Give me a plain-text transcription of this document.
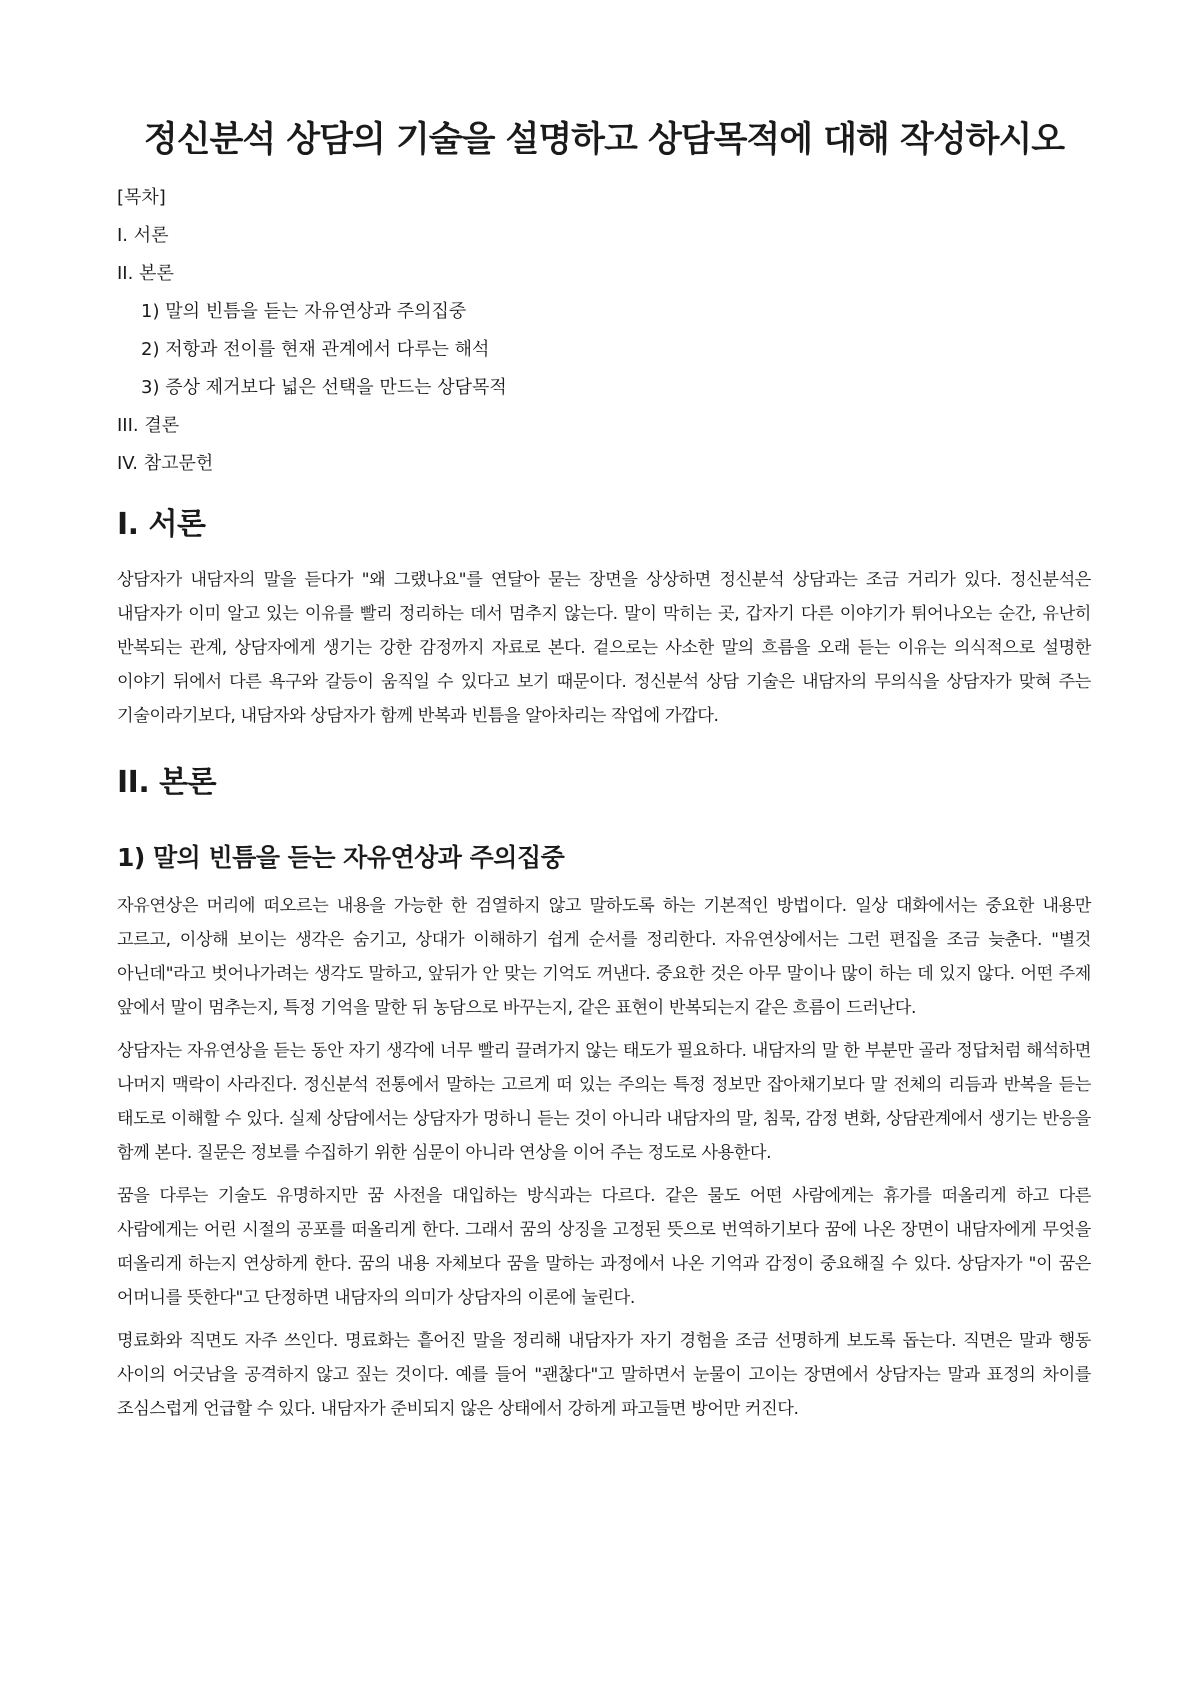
정신분석 상담의 기술을 설명하고 상담목적에 대해 작성하시오
[목차]
I. 서론
II. 본론
1) 말의 빈틈을 듣는 자유연상과 주의집중
2) 저항과 전이를 현재 관계에서 다루는 해석
3) 증상 제거보다 넓은 선택을 만드는 상담목적
III. 결론
IV. 참고문헌
I. 서론

상담자가 내담자의 말을 듣다가 "왜 그랬나요"를 연달아 묻는 장면을 상상하면 정신분석 상담과는 조금 거리가 있다. 정신분석은 내담자가 이미 알고 있는 이유를 빨리 정리하는 데서 멈추지 않는다. 말이 막히는 곳, 갑자기 다른 이야기가 튀어나오는 순간, 유난히 반복되는 관계, 상담자에게 생기는 강한 감정까지 자료로 본다. 겉으로는 사소한 말의 흐름을 오래 듣는 이유는 의식적으로 설명한 이야기 뒤에서 다른 욕구와 갈등이 움직일 수 있다고 보기 때문이다. 정신분석 상담 기술은 내담자의 무의식을 상담자가 맞혀 주는 기술이라기보다, 내담자와 상담자가 함께 반복과 빈틈을 알아차리는 작업에 가깝다.

II. 본론
1) 말의 빈틈을 듣는 자유연상과 주의집중

자유연상은 머리에 떠오르는 내용을 가능한 한 검열하지 않고 말하도록 하는 기본적인 방법이다. 일상 대화에서는 중요한 내용만 고르고, 이상해 보이는 생각은 숨기고, 상대가 이해하기 쉽게 순서를 정리한다. 자유연상에서는 그런 편집을 조금 늦춘다. "별것 아닌데"라고 벗어나가려는 생각도 말하고, 앞뒤가 안 맞는 기억도 꺼낸다. 중요한 것은 아무 말이나 많이 하는 데 있지 않다. 어떤 주제 앞에서 말이 멈추는지, 특정 기억을 말한 뒤 농담으로 바꾸는지, 같은 표현이 반복되는지 같은 흐름이 드러난다.

상담자는 자유연상을 듣는 동안 자기 생각에 너무 빨리 끌려가지 않는 태도가 필요하다. 내담자의 말 한 부분만 골라 정답처럼 해석하면 나머지 맥락이 사라진다. 정신분석 전통에서 말하는 고르게 떠 있는 주의는 특정 정보만 잡아채기보다 말 전체의 리듬과 반복을 듣는 태도로 이해할 수 있다. 실제 상담에서는 상담자가 멍하니 듣는 것이 아니라 내담자의 말, 침묵, 감정 변화, 상담관계에서 생기는 반응을 함께 본다. 질문은 정보를 수집하기 위한 심문이 아니라 연상을 이어 주는 정도로 사용한다.

꿈을 다루는 기술도 유명하지만 꿈 사전을 대입하는 방식과는 다르다. 같은 물도 어떤 사람에게는 휴가를 떠올리게 하고 다른 사람에게는 어린 시절의 공포를 떠올리게 한다. 그래서 꿈의 상징을 고정된 뜻으로 번역하기보다 꿈에 나온 장면이 내담자에게 무엇을 떠올리게 하는지 연상하게 한다. 꿈의 내용 자체보다 꿈을 말하는 과정에서 나온 기억과 감정이 중요해질 수 있다. 상담자가 "이 꿈은 어머니를 뜻한다"고 단정하면 내담자의 의미가 상담자의 이론에 눌린다.

명료화와 직면도 자주 쓰인다. 명료화는 흩어진 말을 정리해 내담자가 자기 경험을 조금 선명하게 보도록 돕는다. 직면은 말과 행동 사이의 어긋남을 공격하지 않고 짚는 것이다. 예를 들어 "괜찮다"고 말하면서 눈물이 고이는 장면에서 상담자는 말과 표정의 차이를 조심스럽게 언급할 수 있다. 내담자가 준비되지 않은 상태에서 강하게 파고들면 방어만 커진다.
